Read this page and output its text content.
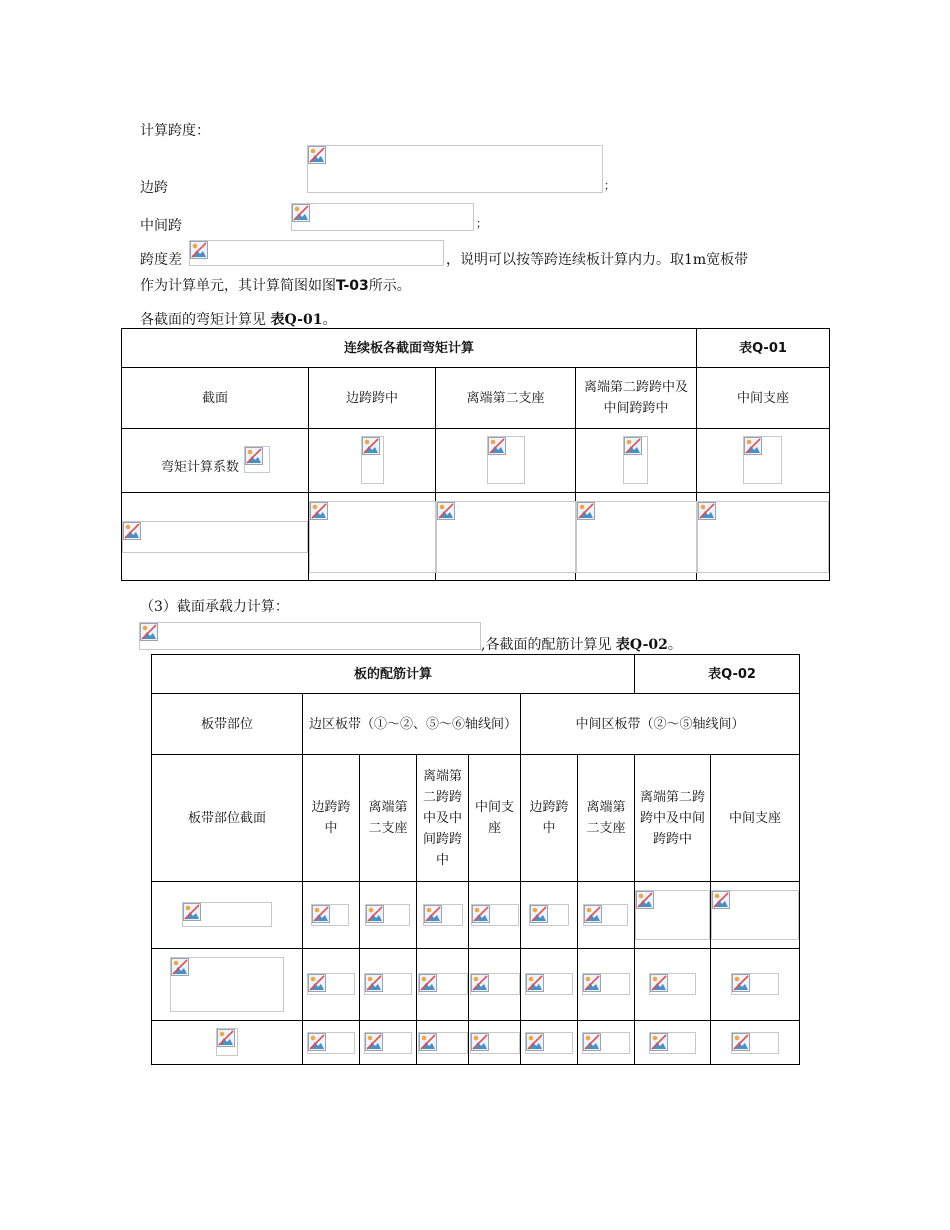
计算跨度：
边跨	；
中间跨	；
跨度差	，说明可以按等跨连续板计算内力。取1m宽板带
作为计算单元，其计算简图如图T-03所示。
各截面的弯矩计算见 表Q-01。
连续板各截面弯矩计算				表Q-01
截面	边跨跨中	离端第二支座	离端第二跨跨中及中间跨跨中	中间支座

弯矩计算系数

（3）截面承载力计算：
,各截面的配筋计算见 表Q-02。
板的配筋计算							表Q-02	
板带部位	边区板带（①～②、⑤～⑥轴线间）				中间区板带（②～⑤轴线间）			
板带部位截面	边跨跨中	离端第二支座	离端第二跨跨中及中间跨跨中	中间支座	边跨跨中	离端第二支座	离端第二跨跨中及中间跨跨中	中间支座
